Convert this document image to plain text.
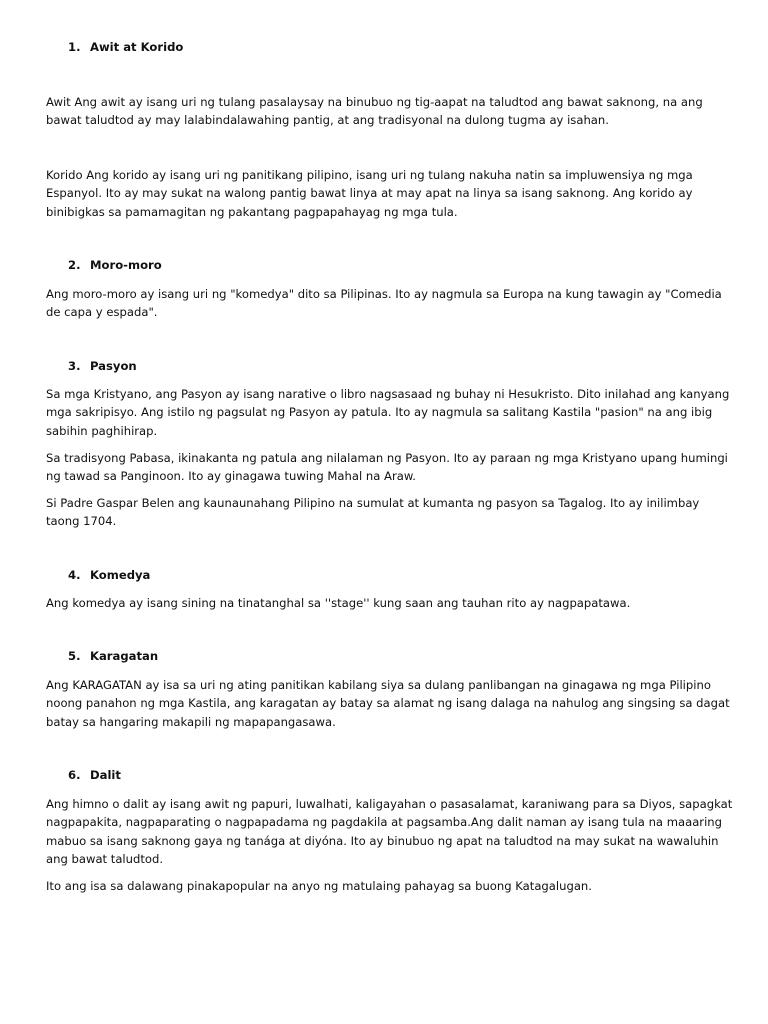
1. Awit at Korido
Awit Ang awit ay isang uri ng tulang pasalaysay na binubuo ng tig-aapat na taludtod ang bawat saknong, na ang bawat taludtod ay may lalabindalawahing pantig, at ang tradisyonal na dulong tugma ay isahan.
Korido Ang korido ay isang uri ng panitikang pilipino, isang uri ng tulang nakuha natin sa impluwensiya ng mga Espanyol. Ito ay may sukat na walong pantig bawat linya at may apat na linya sa isang saknong. Ang korido ay binibigkas sa pamamagitan ng pakantang pagpapahayag ng mga tula.
2. Moro-moro
Ang moro-moro ay isang uri ng "komedya" dito sa Pilipinas. Ito ay nagmula sa Europa na kung tawagin ay "Comedia de capa y espada".
3. Pasyon
Sa mga Kristyano, ang Pasyon ay isang narative o libro nagsasaad ng buhay ni Hesukristo. Dito inilahad ang kanyang mga sakripisyo. Ang istilo ng pagsulat ng Pasyon ay patula. Ito ay nagmula sa salitang Kastila "pasion" na ang ibig sabihin paghihirap.
Sa tradisyong Pabasa, ikinakanta ng patula ang nilalaman ng Pasyon. Ito ay paraan ng mga Kristyano upang humingi ng tawad sa Panginoon. Ito ay ginagawa tuwing Mahal na Araw.
Si Padre Gaspar Belen ang kaunaunahang Pilipino na sumulat at kumanta ng pasyon sa Tagalog. Ito ay inilimbay taong 1704.
4. Komedya
Ang komedya ay isang sining na tinatanghal sa ''stage'' kung saan ang tauhan rito ay nagpapatawa.
5. Karagatan
Ang KARAGATAN ay isa sa uri ng ating panitikan kabilang siya sa dulang panlibangan na ginagawa ng mga Pilipino noong panahon ng mga Kastila, ang karagatan ay batay sa alamat ng isang dalaga na nahulog ang singsing sa dagat batay sa hangaring makapili ng mapapangasawa.
6. Dalit
Ang himno o dalit ay isang awit ng papuri, luwalhati, kaligayahan o pasasalamat, karaniwang para sa Diyos, sapagkat nagpapakita, nagpaparating o nagpapadama ng pagdakila at pagsamba.Ang dalit naman ay isang tula na maaaring mabuo sa isang saknong gaya ng tanága at diyóna. Ito ay binubuo ng apat na taludtod na may sukat na wawaluhin ang bawat taludtod.
Ito ang isa sa dalawang pinakapopular na anyo ng matulaing pahayag sa buong Katagalugan.
